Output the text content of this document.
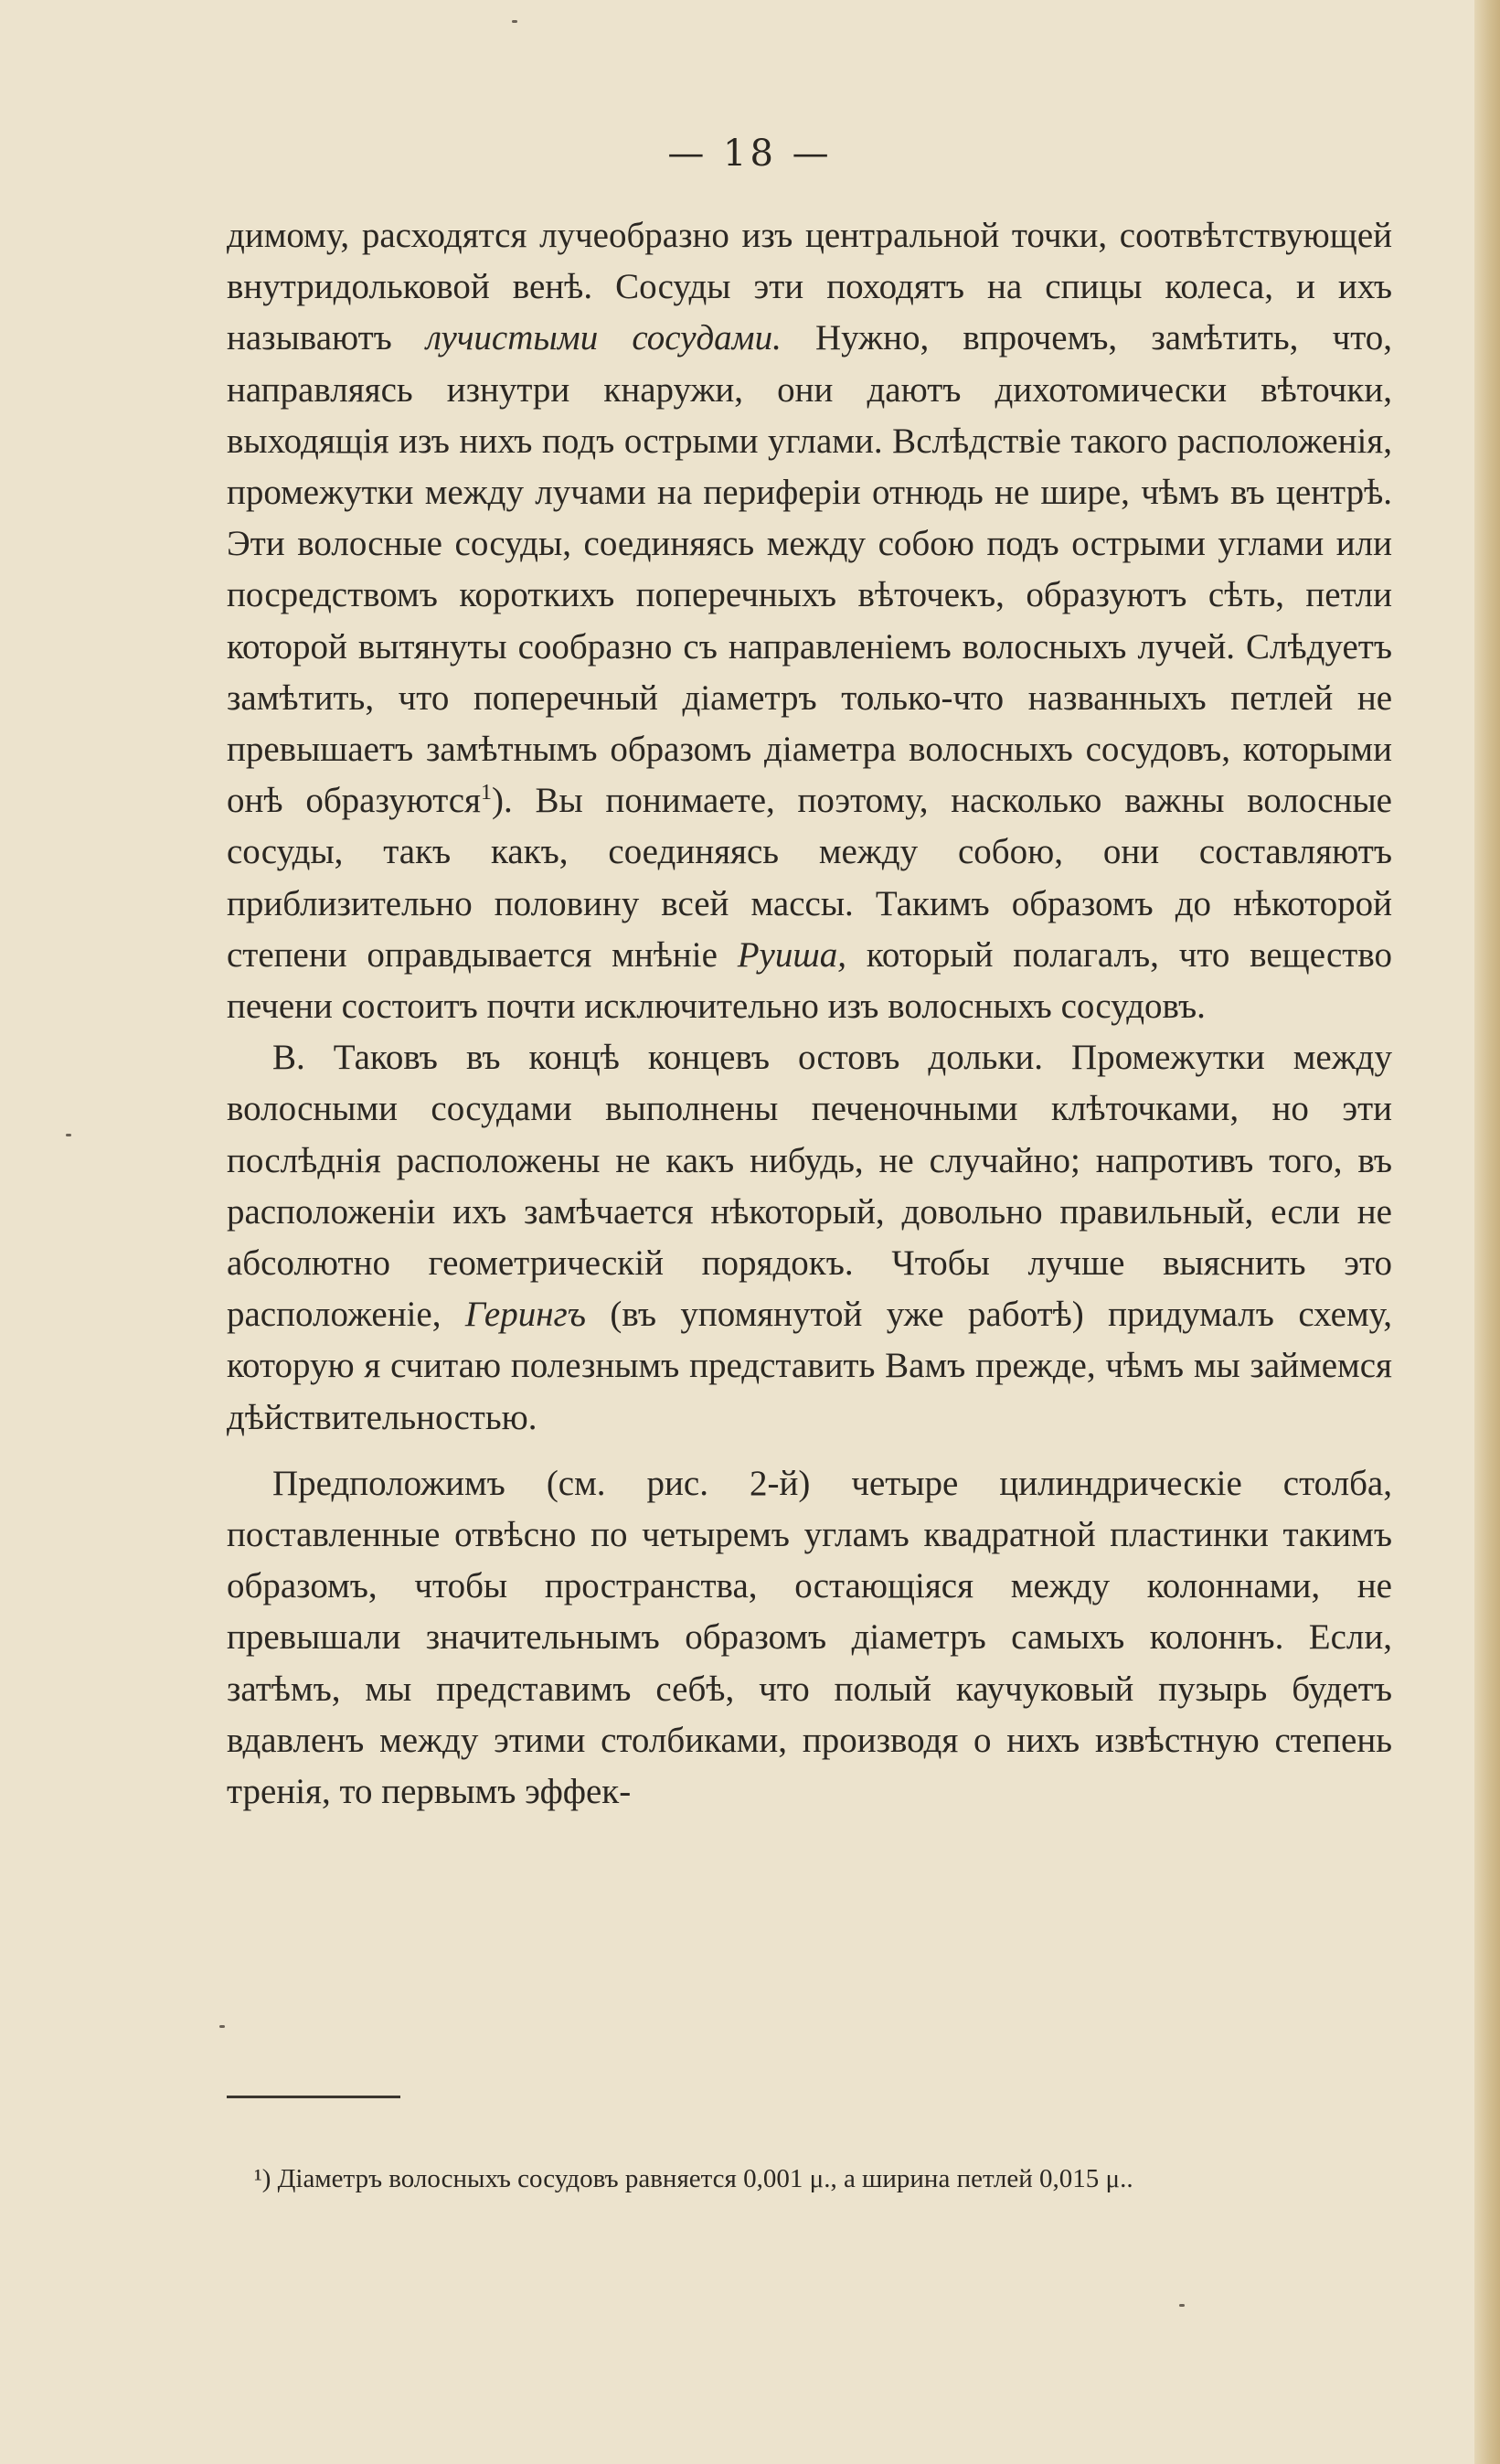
— 18 —

димому, расходятся лучеобразно изъ центральной точки, соотвѣтствующей внутридольковой венѣ. Сосуды эти походятъ на спицы колеса, и ихъ называютъ лучистыми сосудами. Нужно, впрочемъ, замѣтить, что, направляясь изнутри кнаружи, они даютъ дихотомически вѣточки, выходящія изъ нихъ подъ острыми углами. Вслѣдствіе такого расположенія, промежутки между лучами на периферіи отнюдь не шире, чѣмъ въ центрѣ. Эти волосные сосуды, соединяясь между собою подъ острыми углами или посредствомъ короткихъ поперечныхъ вѣточекъ, образуютъ сѣть, петли которой вытянуты сообразно съ направленіемъ волосныхъ лучей. Слѣдуетъ замѣтить, что поперечный діаметръ только-что названныхъ петлей не превышаетъ замѣтнымъ образомъ діаметра волосныхъ сосудовъ, которыми онѣ образуются$^1$). Вы понимаете, поэтому, насколько важны волосные сосуды, такъ какъ, соединяясь между собою, они составляютъ приблизительно половину всей массы. Такимъ образомъ до нѣкоторой степени оправдывается мнѣніе Руиша, который полагалъ, что вещество печени состоитъ почти исключительно изъ волосныхъ сосудовъ.

В. Таковъ въ концѣ концевъ остовъ дольки. Промежутки между волосными сосудами выполнены печеночными клѣточками, но эти послѣднія расположены не какъ нибудь, не случайно; напротивъ того, въ расположеніи ихъ замѣчается нѣкоторый, довольно правильный, если не абсолютно геометрическій порядокъ. Чтобы лучше выяснить это расположеніе, Герингъ (въ упомянутой уже работѣ) придумалъ схему, которую я считаю полезнымъ представить Вамъ прежде, чѣмъ мы займемся дѣйствительностью.

Предположимъ (см. рис. 2-й) четыре цилиндрическіе столба, поставленные отвѣсно по четыремъ угламъ квадратной пластинки такимъ образомъ, чтобы пространства, остающіяся между колоннами, не превышали значительнымъ образомъ діаметръ самыхъ колоннъ. Если, затѣмъ, мы представимъ себѣ, что полый каучуковый пузырь будетъ вдавленъ между этими столбиками, производя о нихъ извѣстную степень тренія, то первымъ эффек-

¹) Діаметръ волосныхъ сосудовъ равняется 0,001 μ., а ширина петлей 0,015 μ..
